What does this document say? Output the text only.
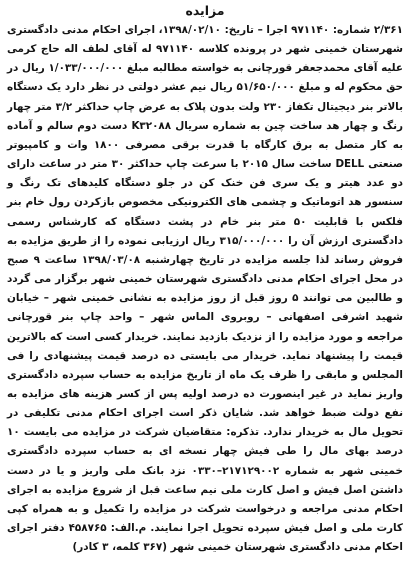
مزایده

۲/۳۶۱ شماره: ۹۷۱۱۴۰ اجرا – تاریخ: ۱۳۹۸/۰۲/۱۰، اجرای احکام مدنی دادگستری شهرستان خمینی شهر در پرونده کلاسه ۹۷۱۱۴۰ له آقای لطف اله حاج کرمی علیه آقای محمدجعفر قورچانی به خواسته مطالبه مبلغ ۱/۰۳۳/۰۰۰/۰۰۰ ریال در حق محکوم له و مبلغ ۵۱/۶۵۰/۰۰۰ ریال نیم عشر دولتی در نظر دارد یک دستگاه بالاتر بنر دیجیتال تکفاز ۲۳۰ ولت بدون پلاک به عرض چاپ حداکثر ۳/۲ متر چهار رنگ و چهار هد ساخت چین به شماره سریال K۳۲۰۸۸ دست دوم سالم و آماده به کار متصل به برق کارگاه با قدرت برقی مصرفی ۱۸۰۰ وات و کامپیوتر صنعتی DELL ساخت سال ۲۰۱۵ با سرعت چاپ حداکثر ۳۰ متر در ساعت دارای دو عدد هیتر و یک سری فن خنک کن در جلو دستگاه کلیدهای تک رنگ و سنسور هد اتوماتیک و چشمی های الکترونیکی مخصوص بازکردن رول خام بنر فلکس با قابلیت ۵۰ متر بنر خام در پشت دستگاه که کارشناس رسمی دادگستری ارزش آن را ۳۱۵/۰۰۰/۰۰۰ ریال ارزیابی نموده را از طریق مزایده به فروش رساند لذا جلسه مزایده در تاریخ چهارشنبه ۱۳۹۸/۰۳/۰۸ ساعت ۹ صبح در محل اجرای احکام مدنی دادگستری شهرستان خمینی شهر برگزار می گردد و طالبین می توانند ۵ روز قبل از روز مزایده به نشانی خمینی شهر – خیابان شهید اشرفی اصفهانی – روبروی الماس شهر – واحد چاپ بنر قورچانی مراجعه و مورد مزایده را از نزدیک بازدید نمایند. خریدار کسی است که بالاترین قیمت را پیشنهاد نماید. خریدار می بایستی ده درصد قیمت پیشنهادی را فی المجلس و مابقی را ظرف یک ماه از تاریخ مزایده به حساب سپرده دادگستری واریز نماید در غیر اینصورت ده درصد اولیه پس از کسر هزینه های مزایده به نفع دولت ضبط خواهد شد. شایان ذکر است اجرای احکام مدنی تکلیفی در تحویل مال به خریدار ندارد. تذکره: متقاضیان شرکت در مزایده می بایست ۱۰ درصد بهای مال را طی فیش چهار نسخه ای به حساب سپرده دادگستری خمینی شهر به شماره ۲۱۷۱۲۹۰۰۲–۰۳۳۰ نزد بانک ملی واریز و یا در دست داشتن اصل فیش و اصل کارت ملی نیم ساعت قبل از شروع مزایده به اجرای احکام مدنی مراجعه و درخواست شرکت در مزایده را تکمیل و به همراه کپی کارت ملی و اصل فیش سپرده تحویل اجرا نمایند. م.الف: ۴۵۸۷۶۵ دفتر اجرای احکام مدنی دادگستری شهرستان خمینی شهر (۳۶۷ کلمه، ۳ کادر)
